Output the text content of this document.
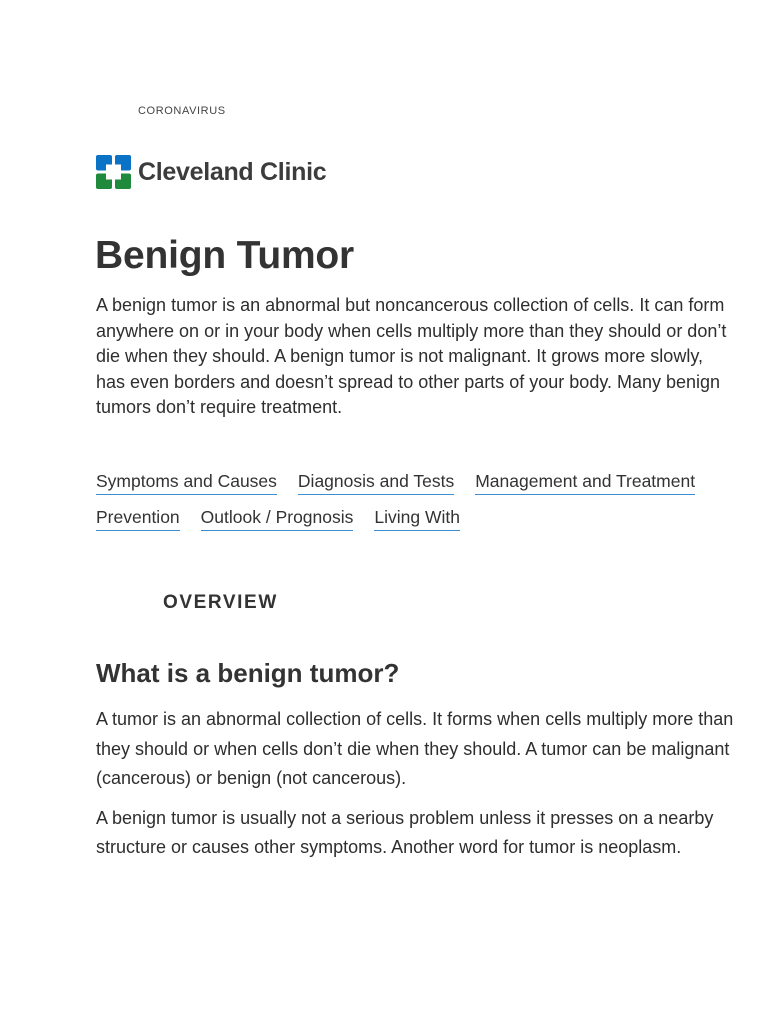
CORONAVIRUS
Cleveland Clinic
Benign Tumor

A benign tumor is an abnormal but noncancerous collection of cells. It can form anywhere on or in your body when cells multiply more than they should or don’t die when they should. A benign tumor is not malignant. It grows more slowly, has even borders and doesn’t spread to other parts of your body. Many benign tumors don’t require treatment.

Symptoms and Causes Diagnosis and Tests Management and Treatment
Prevention Outlook / Prognosis Living With
OVERVIEW
What is a benign tumor?

A tumor is an abnormal collection of cells. It forms when cells multiply more than they should or when cells don’t die when they should. A tumor can be malignant (cancerous) or benign (not cancerous).

A benign tumor is usually not a serious problem unless it presses on a nearby structure or causes other symptoms. Another word for tumor is neoplasm.
